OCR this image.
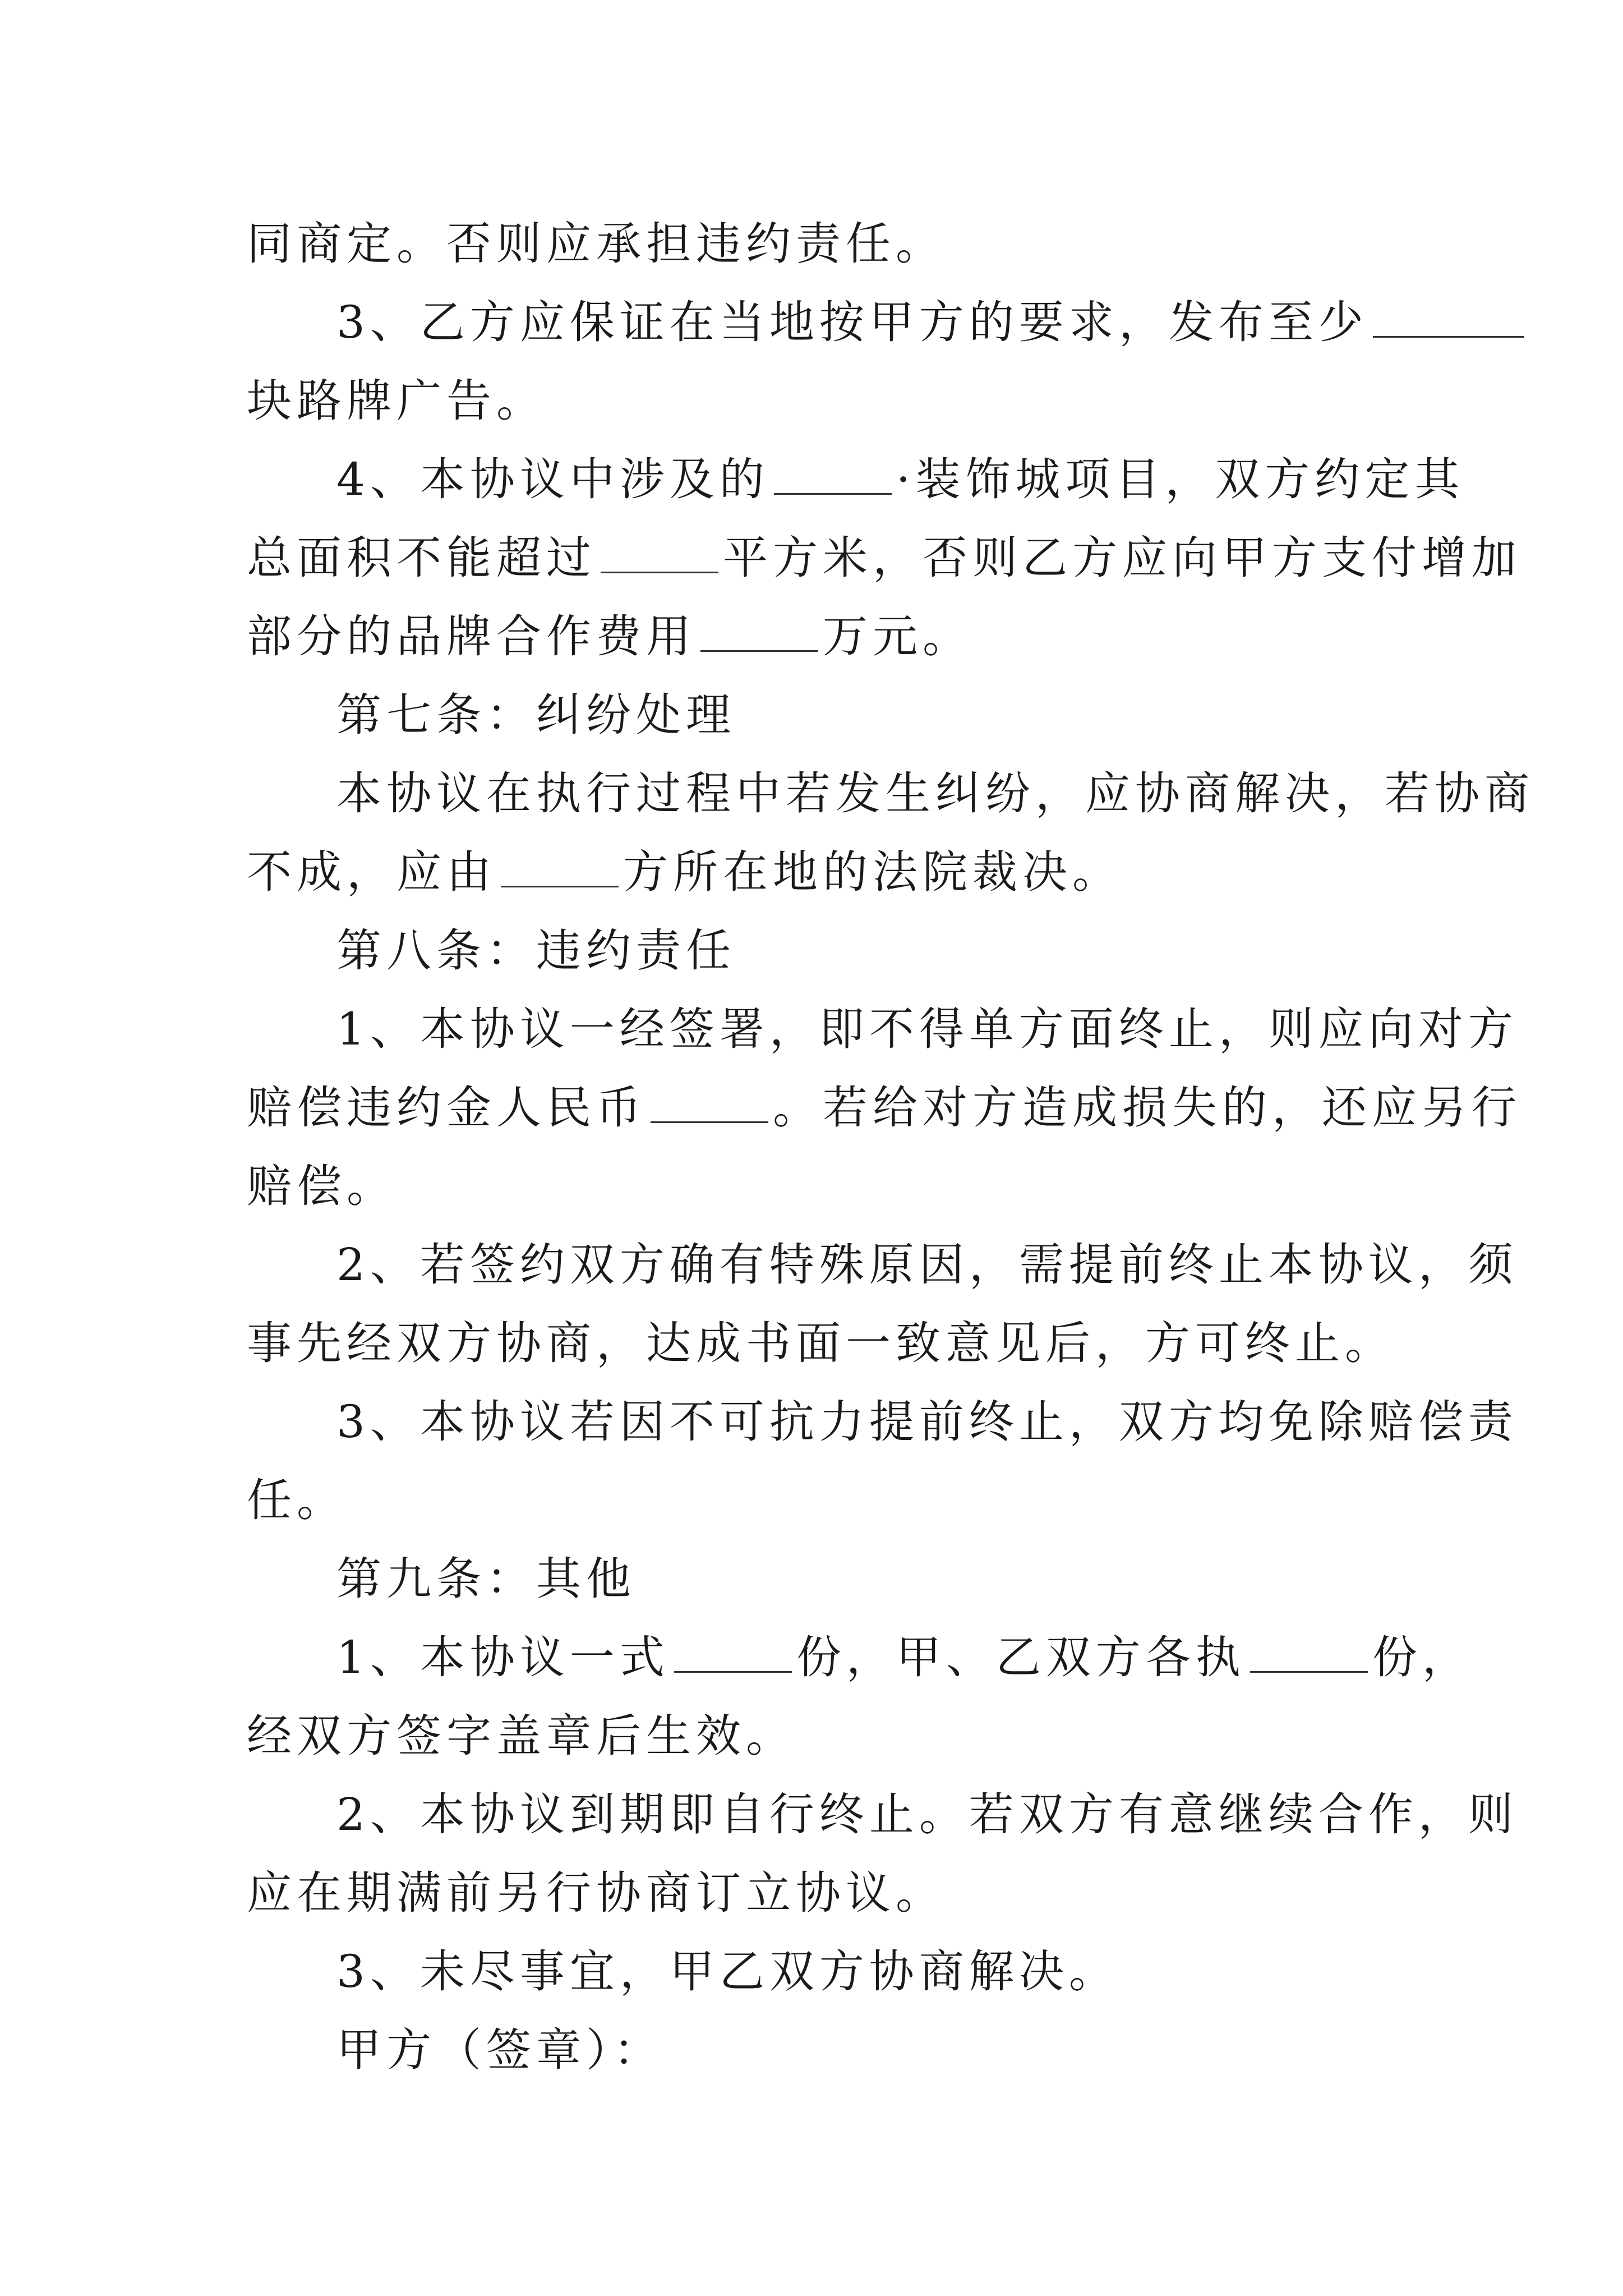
同商定。否则应承担违约责任。
3、乙方应保证在当地按甲方的要求，发布至少
块路牌广告。
4、本协议中涉及的	·装饰城项目，双方约定其
总面积不能超过	平方米，否则乙方应向甲方支付增加
部分的品牌合作费用	万元。
第七条：纠纷处理
本协议在执行过程中若发生纠纷，应协商解决，若协商
不成，应由	方所在地的法院裁决。
第八条：违约责任
1、本协议一经签署，即不得单方面终止，则应向对方
赔偿违约金人民币	。若给对方造成损失的，还应另行
赔偿。
2、若签约双方确有特殊原因，需提前终止本协议，须
事先经双方协商，达成书面一致意见后，方可终止。
3、本协议若因不可抗力提前终止，双方均免除赔偿责
任。
第九条：其他
1、本协议一式	份，甲、乙双方各执	份，
经双方签字盖章后生效。
2、本协议到期即自行终止。若双方有意继续合作，则
应在期满前另行协商订立协议。
3、未尽事宜，甲乙双方协商解决。
甲方（签章）：
